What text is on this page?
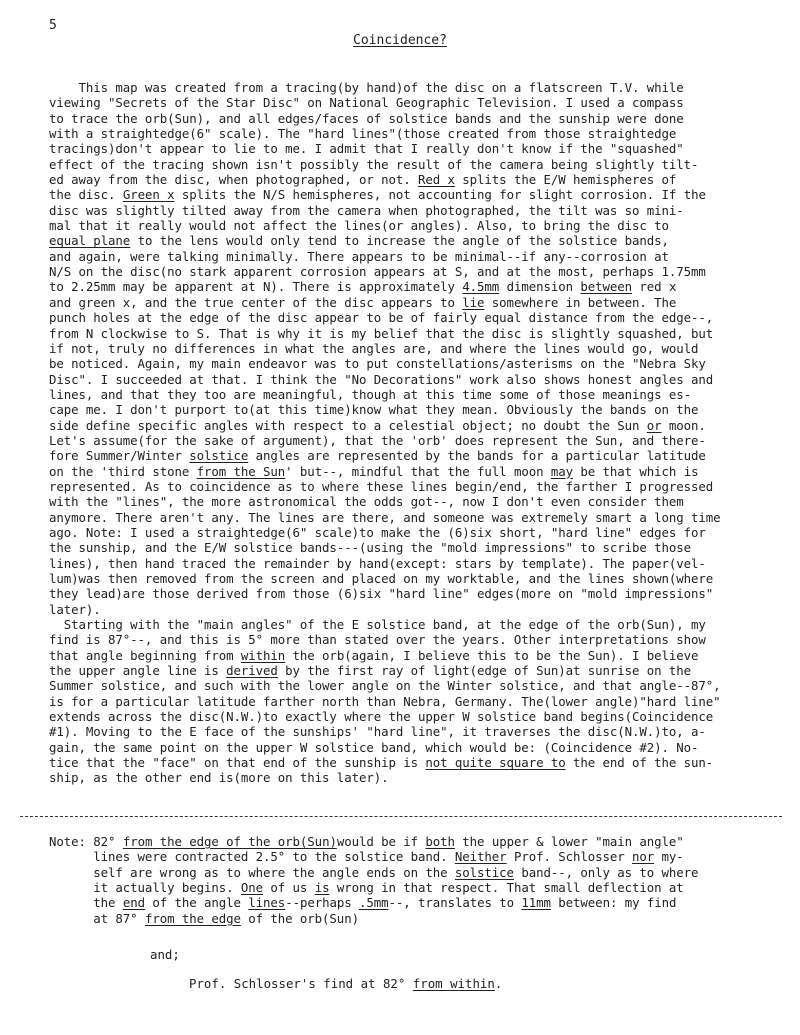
5
Coincidence?
This map was created from a tracing(by hand)of the disc on a flatscreen T.V. while
viewing "Secrets of the Star Disc" on National Geographic Television. I used a compass
to trace the orb(Sun), and all edges/faces of solstice bands and the sunship were done
with a straightedge(6" scale). The "hard lines"(those created from those straightedge
tracings)don't appear to lie to me. I admit that I really don't know if the "squashed"
effect of the tracing shown isn't possibly the result of the camera being slightly tilt-
ed away from the disc, when photographed, or not. Red x splits the E/W hemispheres of
the disc. Green x splits the N/S hemispheres, not accounting for slight corrosion. If the
disc was slightly tilted away from the camera when photographed, the tilt was so mini-
mal that it really would not affect the lines(or angles). Also, to bring the disc to
equal plane to the lens would only tend to increase the angle of the solstice bands,
and again, were talking minimally. There appears to be minimal--if any--corrosion at
N/S on the disc(no stark apparent corrosion appears at S, and at the most, perhaps 1.75mm
to 2.25mm may be apparent at N). There is approximately 4.5mm dimension between red x
and green x, and the true center of the disc appears to lie somewhere in between. The
punch holes at the edge of the disc appear to be of fairly equal distance from the edge--,
from N clockwise to S. That is why it is my belief that the disc is slightly squashed, but
if not, truly no differences in what the angles are, and where the lines would go, would
be noticed. Again, my main endeavor was to put constellations/asterisms on the "Nebra Sky
Disc". I succeeded at that. I think the "No Decorations" work also shows honest angles and
lines, and that they too are meaningful, though at this time some of those meanings es-
cape me. I don't purport to(at this time)know what they mean. Obviously the bands on the
side define specific angles with respect to a celestial object; no doubt the Sun or moon.
Let's assume(for the sake of argument), that the 'orb' does represent the Sun, and there-
fore Summer/Winter solstice angles are represented by the bands for a particular latitude
on the 'third stone from the Sun' but--, mindful that the full moon may be that which is
represented. As to coincidence as to where these lines begin/end, the farther I progressed
with the "lines", the more astronomical the odds got--, now I don't even consider them
anymore. There aren't any. The lines are there, and someone was extremely smart a long time
ago. Note: I used a straightedge(6" scale)to make the (6)six short, "hard line" edges for
the sunship, and the E/W solstice bands---(using the "mold impressions" to scribe those
lines), then hand traced the remainder by hand(except: stars by template). The paper(vel-
lum)was then removed from the screen and placed on my worktable, and the lines shown(where
they lead)are those derived from those (6)six "hard line" edges(more on "mold impressions"
later).
Starting with the "main angles" of the E solstice band, at the edge of the orb(Sun), my
find is 87°--, and this is 5° more than stated over the years. Other interpretations show
that angle beginning from within the orb(again, I believe this to be the Sun). I believe
the upper angle line is derived by the first ray of light(edge of Sun)at sunrise on the
Summer solstice, and such with the lower angle on the Winter solstice, and that angle--87°,
is for a particular latitude farther north than Nebra, Germany. The(lower angle)"hard line"
extends across the disc(N.W.)to exactly where the upper W solstice band begins(Coincidence
#1). Moving to the E face of the sunships' "hard line", it traverses the disc(N.W.)to, a-
gain, the same point on the upper W solstice band, which would be: (Coincidence #2). No-
tice that the "face" on that end of the sunship is not quite square to the end of the sun-
ship, as the other end is(more on this later).
Note: 82° from the edge of the orb(Sun)would be if both the upper & lower "main angle"
lines were contracted 2.5° to the solstice band. Neither Prof. Schlosser nor my-
self are wrong as to where the angle ends on the solstice band--, only as to where
it actually begins. One of us is wrong in that respect. That small deflection at
the end of the angle lines--perhaps .5mm--, translates to 11mm between: my find
at 87° from the edge of the orb(Sun)
and;
Prof. Schlosser's find at 82° from within.
